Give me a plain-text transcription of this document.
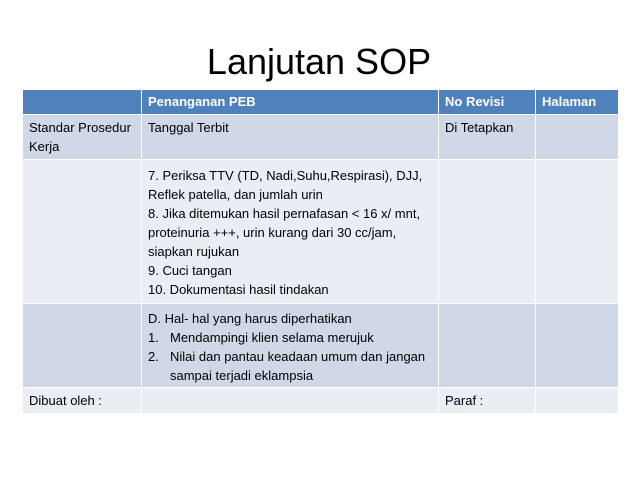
Lanjutan SOP
	Penanganan PEB	No Revisi	Halaman
Standar Prosedur Kerja	Tanggal Terbit	Di Tetapkan	

	7. Periksa TTV (TD, Nadi,Suhu,Respirasi), DJJ, Reflek patella, dan jumlah urin
8. Jika ditemukan hasil pernafasan < 16 x/ mnt, proteinuria +++, urin kurang dari 30 cc/jam, siapkan rujukan
9. Cuci tangan
10. Dokumentasi hasil tindakan		

	D. Hal- hal yang harus diperhatikan
1. Mendampingi klien selama merujuk
2. Nilai dan pantau keadaan umum dan jangan sampai terjadi eklampsia		

Dibuat oleh :		Paraf :	
